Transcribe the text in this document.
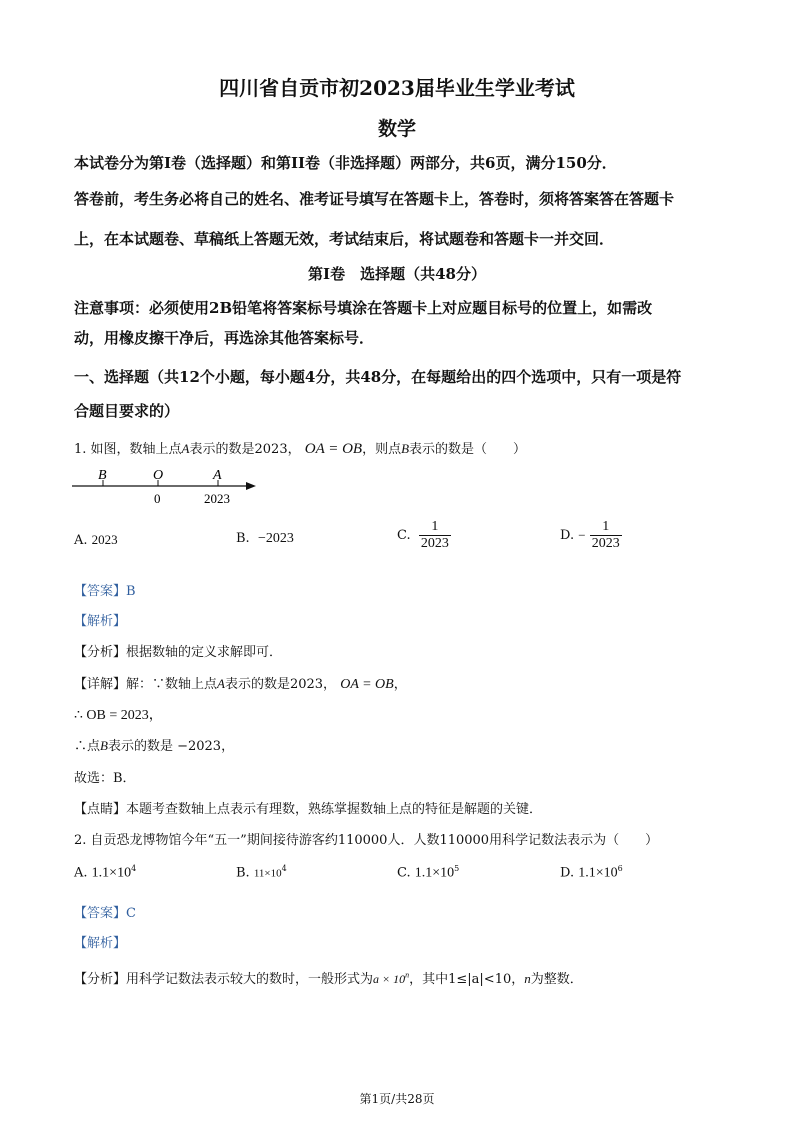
四川省自贡市初2023届毕业生学业考试
数学
本试卷分为第I卷（选择题）和第II卷（非选择题）两部分，共6页，满分150分．
答卷前，考生务必将自己的姓名、准考证号填写在答题卡上，答卷时，须将答案答在答题卡
上，在本试题卷、草稿纸上答题无效，考试结束后，将试题卷和答题卡一并交回．
第I卷　选择题（共48分）
注意事项：必须使用2B铅笔将答案标号填涂在答题卡上对应题目标号的位置上，如需改
动，用橡皮擦干净后，再选涂其他答案标号．
一、选择题（共12个小题，每小题4分，共48分，在每题给出的四个选项中，只有一项是符
合题目要求的）
1. 如图，数轴上点A表示的数是2023， OA = OB，则点B表示的数是（　　）
B	O	A
0	2023
A. 2023	B. −2023	C. $\frac{1}{2023}$	D. − $\frac{1}{2023}$
【答案】B
【解析】
【分析】根据数轴的定义求解即可．
【详解】解：∵数轴上点A表示的数是2023， OA = OB，
∴ OB = 2023，
∴点B表示的数是 −2023，
故选：B．
【点睛】本题考查数轴上点表示有理数，熟练掌握数轴上点的特征是解题的关键．
2. 自贡恐龙博物馆今年“五一”期间接待游客约110000人．人数110000用科学记数法表示为（　　）
A. $1.1\times 10^4$	B. $11\times 10^4$	C. $1.1\times 10^5$	D. $1.1\times 10^6$
【答案】C
【解析】
【分析】用科学记数法表示较大的数时，一般形式为$a \times 10^n$，其中1≤|a|<10，n为整数．
第1页/共28页
